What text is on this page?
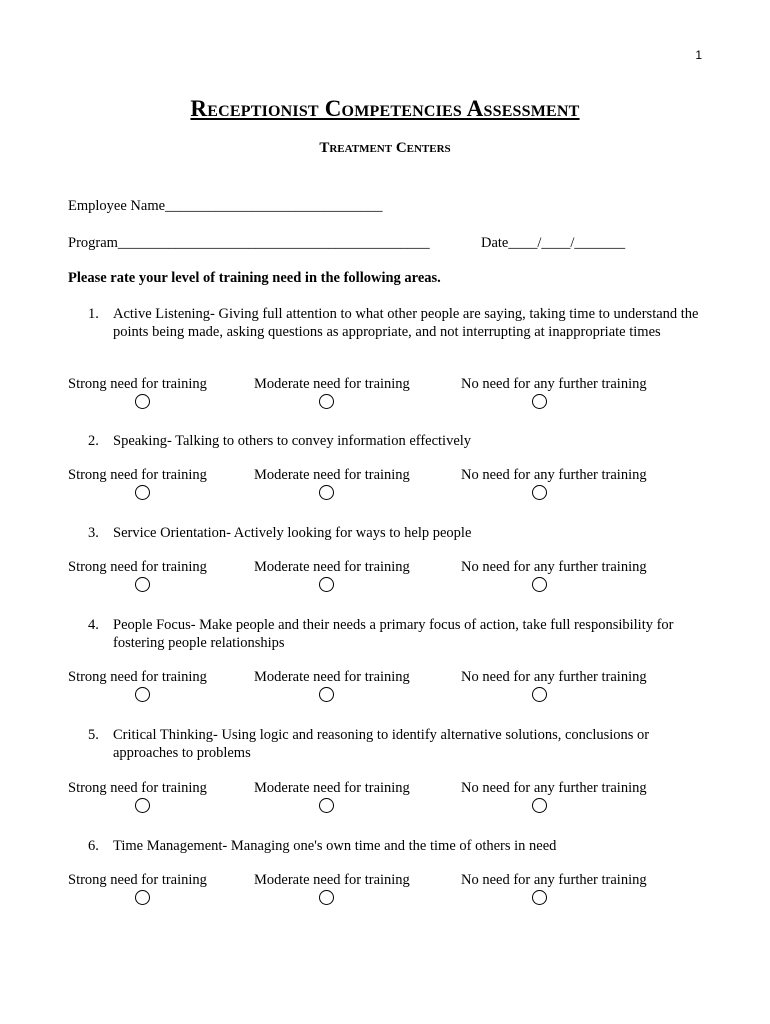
1
Receptionist Competencies Assessment
Treatment Centers
Employee Name______________________________
Program___________________________________________	Date____/____/_______

Please rate your level of training need in the following areas.

1. Active Listening- Giving full attention to what other people are saying, taking time to understand the points being made, asking questions as appropriate, and not interrupting at inappropriate times
Strong need for training	Moderate need for training	No need for any further training
2. Speaking- Talking to others to convey information effectively
Strong need for training	Moderate need for training	No need for any further training
3. Service Orientation- Actively looking for ways to help people
Strong need for training	Moderate need for training	No need for any further training
4. People Focus- Make people and their needs a primary focus of action, take full responsibility for fostering people relationships
Strong need for training	Moderate need for training	No need for any further training
5. Critical Thinking- Using logic and reasoning to identify alternative solutions, conclusions or approaches to problems
Strong need for training	Moderate need for training	No need for any further training
6. Time Management- Managing one's own time and the time of others in need
Strong need for training	Moderate need for training	No need for any further training
